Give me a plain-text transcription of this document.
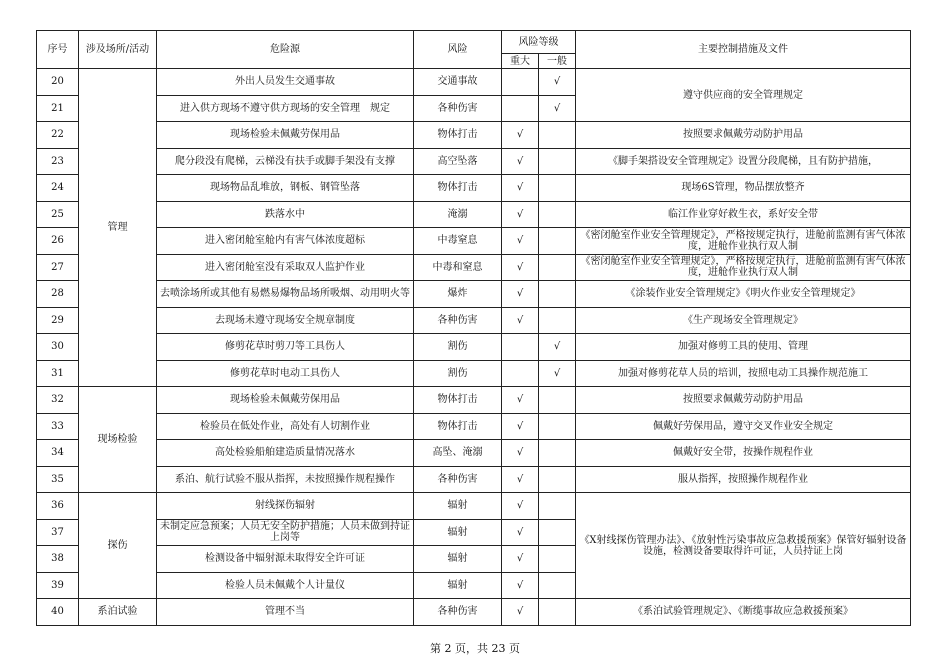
序号	涉及场所/活动	危险源	风险	风险等级		主要控制措施及文件
				重大	一般	
20	管理	外出人员发生交通事故	交通事故		√	遵守供应商的安全管理规定
21		进入供方现场不遵守供方现场的安全管理　规定	各种伤害		√	
22		现场检验未佩戴劳保用品	物体打击	√		按照要求佩戴劳动防护用品
23		爬分段没有爬梯，云梯没有扶手或脚手架没有支撑	高空坠落	√		《脚手架搭设安全管理规定》设置分段爬梯，且有防护措施，
24		现场物品乱堆放，钢板、钢管坠落	物体打击	√		现场6S管理，物品摆放整齐
25		跌落水中	淹溺	√		临江作业穿好救生衣，系好安全带
26		进入密闭舱室舱内有害气体浓度超标	中毒窒息	√		《密闭舱室作业安全管理规定》，严格按规定执行，进舱前监测有害气体浓度，进舱作业执行双人制
27		进入密闭舱室没有采取双人监护作业	中毒和窒息	√		《密闭舱室作业安全管理规定》，严格按规定执行，进舱前监测有害气体浓度，进舱作业执行双人制
28		去喷涂场所或其他有易燃易爆物品场所吸烟、动用明火等	爆炸	√		《涂装作业安全管理规定》《明火作业安全管理规定》
29		去现场未遵守现场安全规章制度	各种伤害	√		《生产现场安全管理规定》
30		修剪花草时剪刀等工具伤人	割伤		√	加强对修剪工具的使用、管理
31		修剪花草时电动工具伤人	割伤		√	加强对修剪花草人员的培训，按照电动工具操作规范施工
32	现场检验	现场检验未佩戴劳保用品	物体打击	√		按照要求佩戴劳动防护用品
33		检验员在低处作业，高处有人切割作业	物体打击	√		佩戴好劳保用品，遵守交叉作业安全规定
34		高处检验船舶建造质量情况落水	高坠、淹溺	√		佩戴好安全带，按操作规程作业
35		系泊、航行试验不服从指挥，未按照操作规程操作	各种伤害	√		服从指挥，按照操作规程作业
36	探伤	射线探伤辐射	辐射	√		《X射线探伤管理办法》、《放射性污染事故应急救援预案》保管好辐射设备设施，检测设备要取得许可证，人员持证上岗
37		未制定应急预案；人员无安全防护措施；人员未做到持证上岗等	辐射	√		
38		检测设备中辐射源未取得安全许可证	辐射	√		
39		检验人员未佩戴个人计量仪	辐射	√		
40	系泊试验	管理不当	各种伤害	√		《系泊试验管理规定》、《断缆事故应急救援预案》
第 2 页，共 23 页
